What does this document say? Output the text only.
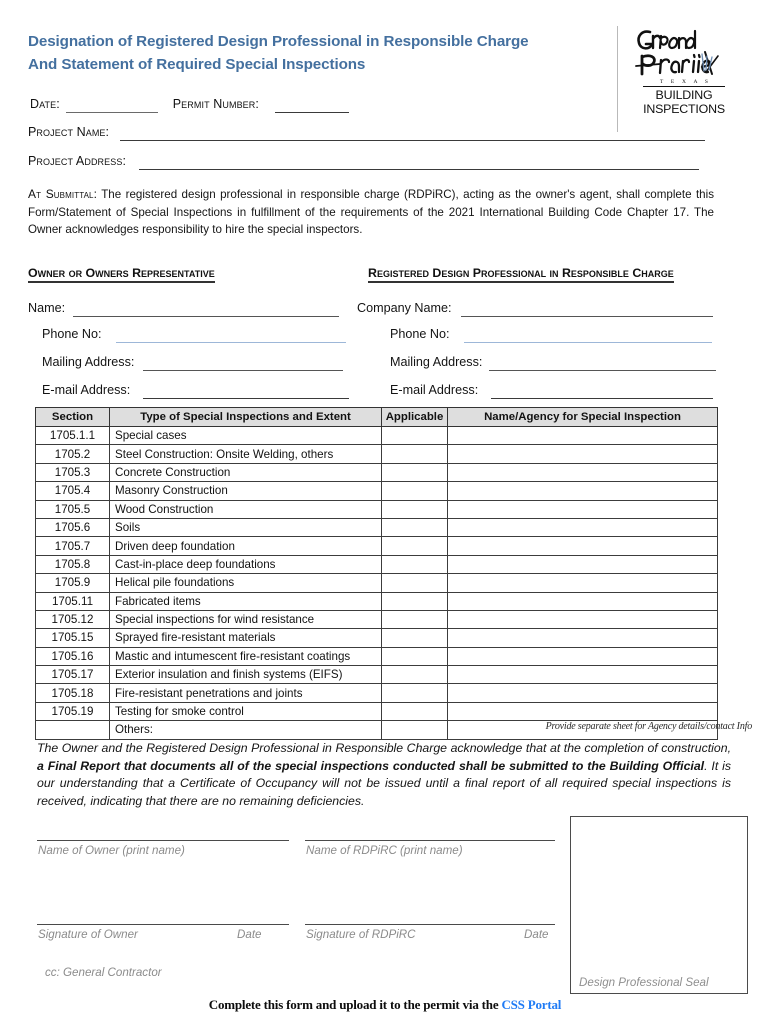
Designation of Registered Design Professional in Responsible Charge
And Statement of Required Special Inspections
T E X A S
BUILDING
INSPECTIONS
Date:	Permit Number:
Project Name:
Project Address:
At Submittal: The registered design professional in responsible charge (RDPiRC), acting as the owner's agent, shall complete this Form/Statement of Special Inspections in fulfillment of the requirements of the 2021 International Building Code Chapter 17. The Owner acknowledges responsibility to hire the special inspectors.
Owner or Owners Representative	Registered Design Professional in Responsible Charge
Name:
Phone No:
Mailing Address:
E-mail Address:
Company Name:
Phone No:
Mailing Address:
E-mail Address:
Section	Type of Special Inspections and Extent	Applicable	Name/Agency for Special Inspection
1705.1.1	Special cases		
1705.2	Steel Construction: Onsite Welding, others		
1705.3	Concrete Construction		
1705.4	Masonry Construction		
1705.5	Wood Construction		
1705.6	Soils		
1705.7	Driven deep foundation		
1705.8	Cast-in-place deep foundations		
1705.9	Helical pile foundations		
1705.11	Fabricated items		
1705.12	Special inspections for wind resistance		
1705.15	Sprayed fire-resistant materials		
1705.16	Mastic and intumescent fire-resistant coatings		
1705.17	Exterior insulation and finish systems (EIFS)		
1705.18	Fire-resistant penetrations and joints		
1705.19	Testing for smoke control		
	Others:			Provide separate sheet for Agency details/contact Info
The Owner and the Registered Design Professional in Responsible Charge acknowledge that at the completion of construction, a Final Report that documents all of the special inspections conducted shall be submitted to the Building Official. It is our understanding that a Certificate of Occupancy will not be issued until a final report of all required special inspections is received, indicating that there are no remaining deficiencies.
Name of Owner (print name)	Name of RDPiRC (print name)
Signature of Owner	Date	Signature of RDPiRC	Date
cc: General Contractor
Design Professional Seal
Complete this form and upload it to the permit via the CSS Portal
